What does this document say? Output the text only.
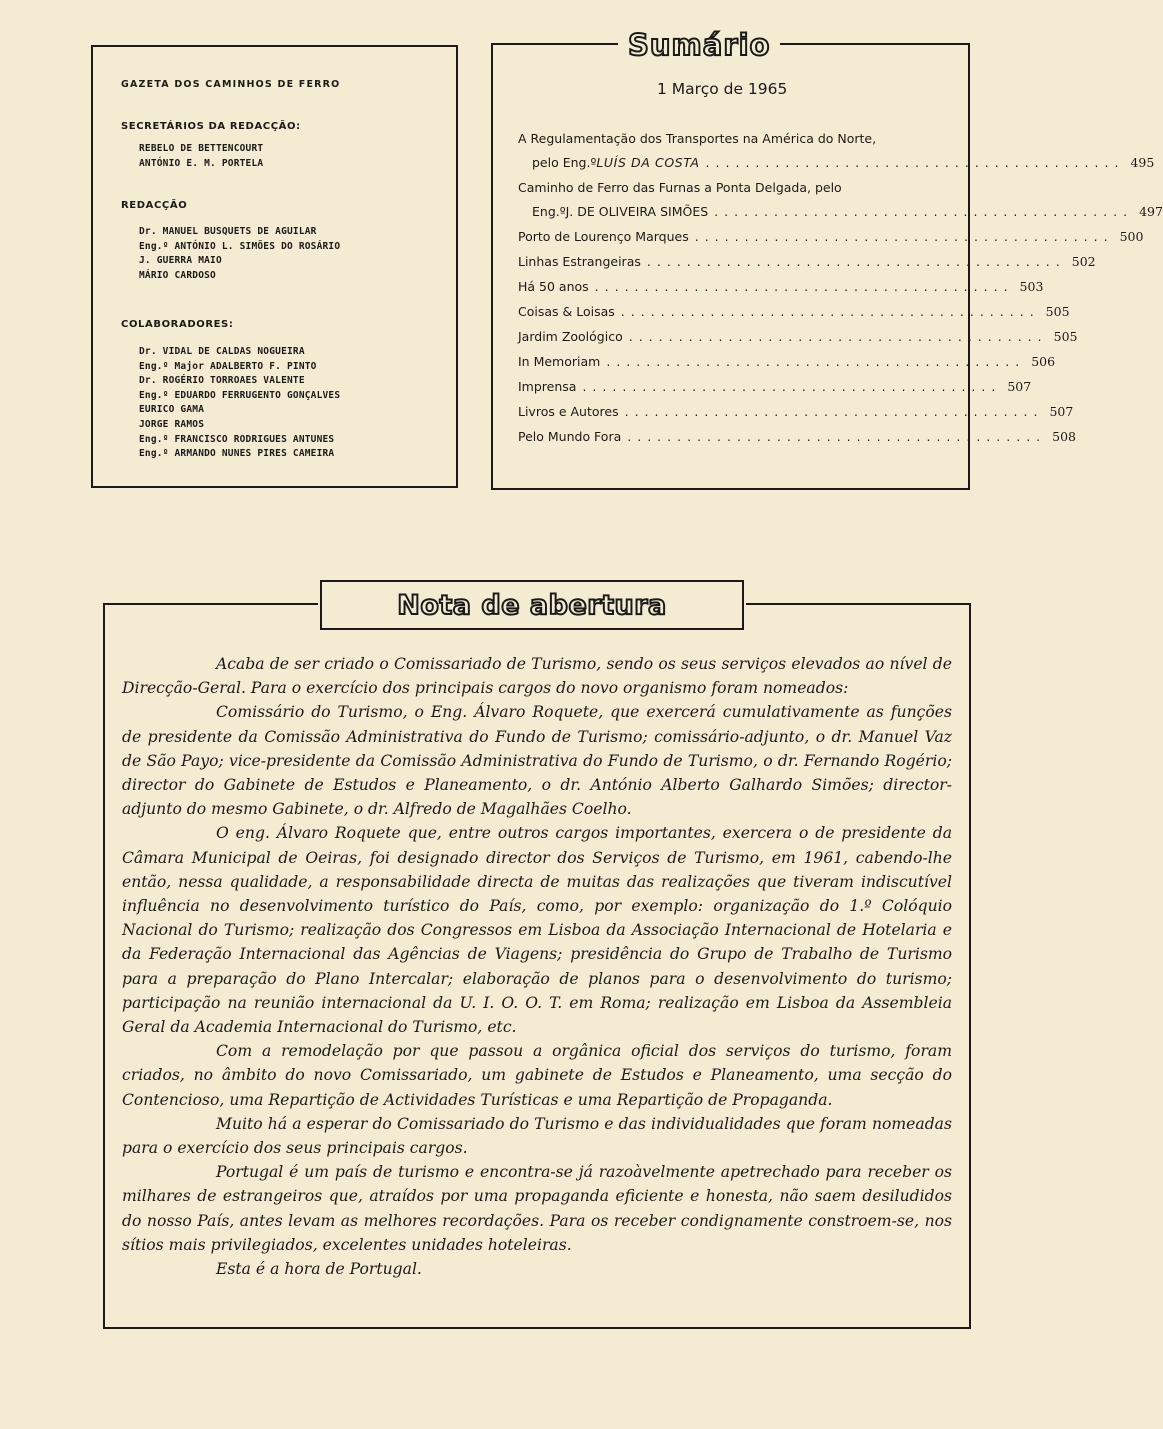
GAZETA DOS CAMINHOS DE FERRO
SECRETÁRIOS DA REDACÇÃO:
REBELO DE BETTENCOURT
ANTÓNIO E. M. PORTELA
REDACÇÃO
Dr. MANUEL BUSQUETS DE AGUILAR
Eng.º ANTÓNIO L. SIMÕES DO ROSÁRIO
J. GUERRA MAIO
MÁRIO CARDOSO
COLABORADORES:
Dr. VIDAL DE CALDAS NOGUEIRA
Eng.º Major ADALBERTO F. PINTO
Dr. ROGÉRIO TORROAES VALENTE
Eng.º EDUARDO FERRUGENTO GONÇALVES
EURICO GAMA
JORGE RAMOS
Eng.º FRANCISCO RODRIGUES ANTUNES
Eng.º ARMANDO NUNES PIRES CAMEIRA
Sumário
1 Março de 1965
A Regulamentação dos Transportes na América do Norte,
pelo Eng.º LUÍS DA COSTA .......................................... 495
Caminho de Ferro das Furnas a Ponta Delgada, pelo
Eng.º J. DE OLIVEIRA SIMÕES .......................................... 497
Porto de Lourenço Marques .......................................... 500
Linhas Estrangeiras .......................................... 502
Há 50 anos .......................................... 503
Coisas & Loisas .......................................... 505
Jardim Zoológico .......................................... 505
In Memoriam .......................................... 506
Imprensa .......................................... 507
Livros e Autores .......................................... 507
Pelo Mundo Fora .......................................... 508
Nota de abertura

Acaba de ser criado o Comissariado de Turismo, sendo os seus serviços elevados ao nível de Direcção-Geral. Para o exercício dos principais cargos do novo organismo foram nomeados:

Comissário do Turismo, o Eng. Álvaro Roquete, que exercerá cumulativamente as funções de presidente da Comissão Administrativa do Fundo de Turismo; comissário-adjunto, o dr. Manuel Vaz de São Payo; vice-presidente da Comissão Administrativa do Fundo de Turismo, o dr. Fernando Rogério; director do Gabinete de Estudos e Planeamento, o dr. António Alberto Galhardo Simões; director-adjunto do mesmo Gabinete, o dr. Alfredo de Magalhães Coelho.

O eng. Álvaro Roquete que, entre outros cargos importantes, exercera o de presidente da Câmara Municipal de Oeiras, foi designado director dos Serviços de Turismo, em 1961, cabendo-lhe então, nessa qualidade, a responsabilidade directa de muitas das realizações que tiveram indiscutível influência no desenvolvimento turístico do País, como, por exemplo: organização do 1.º Colóquio Nacional do Turismo; realização dos Congressos em Lisboa da Associação Internacional de Hotelaria e da Federação Internacional das Agências de Viagens; presidência do Grupo de Trabalho de Turismo para a preparação do Plano Intercalar; elaboração de planos para o desenvolvimento do turismo; participação na reunião internacional da U. I. O. O. T. em Roma; realização em Lisboa da Assembleia Geral da Academia Internacional do Turismo, etc.

Com a remodelação por que passou a orgânica oficial dos serviços do turismo, foram criados, no âmbito do novo Comissariado, um gabinete de Estudos e Planeamento, uma secção do Contencioso, uma Repartição de Actividades Turísticas e uma Repartição de Propaganda.

Muito há a esperar do Comissariado do Turismo e das individualidades que foram nomeadas para o exercício dos seus principais cargos.

Portugal é um país de turismo e encontra-se já razoàvelmente apetrechado para receber os milhares de estrangeiros que, atraídos por uma propaganda eficiente e honesta, não saem desiludidos do nosso País, antes levam as melhores recordações. Para os receber condignamente constroem-se, nos sítios mais privilegiados, excelentes unidades hoteleiras.

Esta é a hora de Portugal.
